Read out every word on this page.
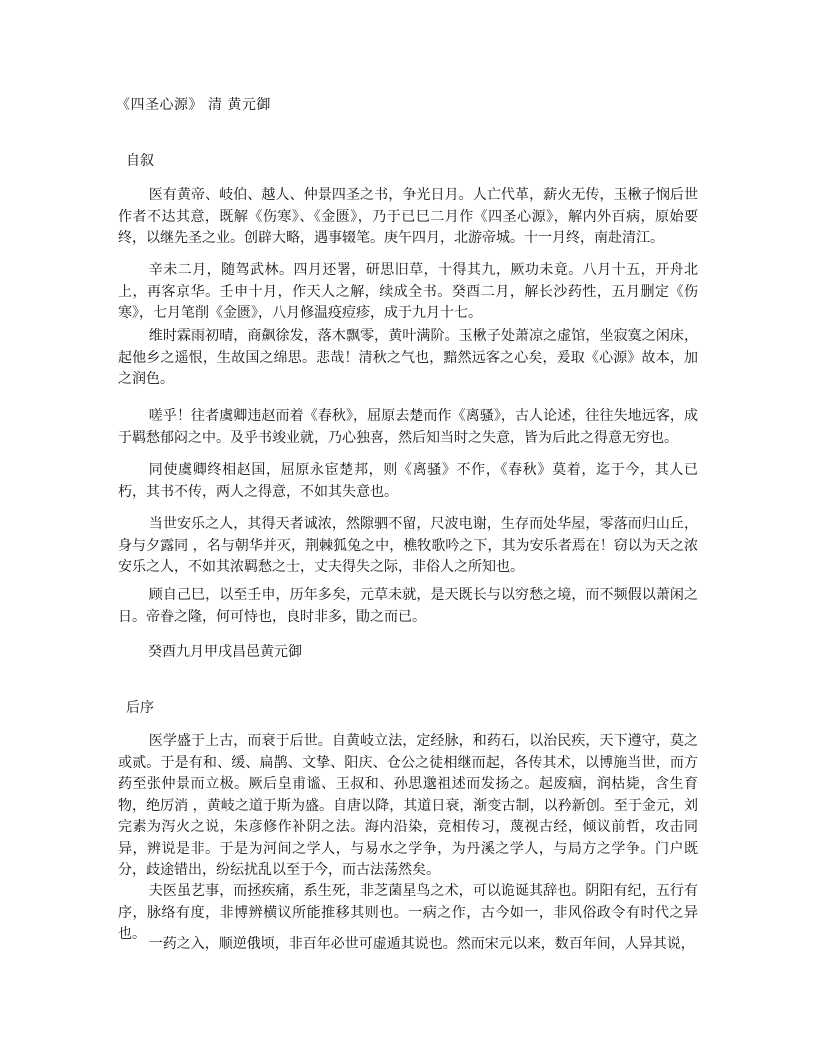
《四圣心源》 清 黄元御
自叙

医有黄帝、岐伯、越人、仲景四圣之书，争光日月。人亡代革，薪火无传，玉楸子悯后世作者不达其意，既解《伤寒》、《金匮》，乃于已巳二月作《四圣心源》，解内外百病，原始要终，以继先圣之业。创辟大略，遇事辍笔。庚午四月，北游帝城。十一月终，南赴清江。

辛未二月，随驾武林。四月还署，研思旧草，十得其九，厥功未竟。八月十五，开舟北上，再客京华。壬申十月，作天人之解，续成全书。癸酉二月，解长沙药性，五月删定《伤寒》，七月笔削《金匮》，八月修温疫痘疹，成于九月十七。

维时霖雨初晴，商飙徐发，落木飘零，黄叶满阶。玉楸子处萧凉之虚馆，坐寂寞之闲床，起他乡之遥恨，生故国之绵思。悲哉！清秋之气也，黯然远客之心矣，爰取《心源》故本，加之润色。

嗟乎！往者虞卿违赵而着《春秋》，屈原去楚而作《离骚》，古人论述，往往失地远客，成于羁愁郁闷之中。及乎书竣业就，乃心独喜，然后知当时之失意，皆为后此之得意无穷也。

同使虞卿终相赵国，屈原永宦楚邦，则《离骚》不作，《春秋》莫着，迄于今，其人已朽，其书不传，两人之得意，不如其失意也。

当世安乐之人，其得天者诚浓，然隙驷不留，尺波电谢，生存而处华屋，零落而归山丘，身与夕露同 ，名与朝华并灭，荆棘狐兔之中，樵牧歌吟之下，其为安乐者焉在！窃以为天之浓安乐之人，不如其浓羁愁之士，丈夫得失之际，非俗人之所知也。

顾自己巳，以至壬申，历年多矣，元草未就，是天既长与以穷愁之境，而不频假以萧闲之日。帝眷之隆，何可恃也，良时非多，勖之而已。

癸酉九月甲戌昌邑黄元御
后序

医学盛于上古，而衰于后世。自黄岐立法，定经脉，和药石，以治民疾，天下遵守，莫之或贰。于是有和、缓、扁鹊、文挚、阳庆、仓公之徒相继而起，各传其术，以博施当世，而方药至张仲景而立极。厥后皇甫谧、王叔和、孙思邈祖述而发扬之。起废痼，润枯毙，含生育物，绝厉消 ，黄岐之道于斯为盛。自唐以降，其道日衰，渐变古制，以矜新创。至于金元，刘完素为泻火之说，朱彦修作补阴之法。海内沿染，竞相传习，蔑视古经，倾议前哲，攻击同异，辨说是非。于是为河间之学人，与易水之学争，为丹溪之学人，与局方之学争。门户既分，歧途错出，纷纭扰乱以至于今，而古法荡然矣。

夫医虽艺事，而拯疾痛，系生死，非芝菌星鸟之术，可以诡诞其辞也。阴阳有纪，五行有序，脉络有度，非博辨横议所能推移其则也。一病之作，古今如一，非风俗政令有时代之异也。

一药之入，顺逆俄顷，非百年必世可虚遁其说也。然而宋元以来，数百年间，人异其说，
